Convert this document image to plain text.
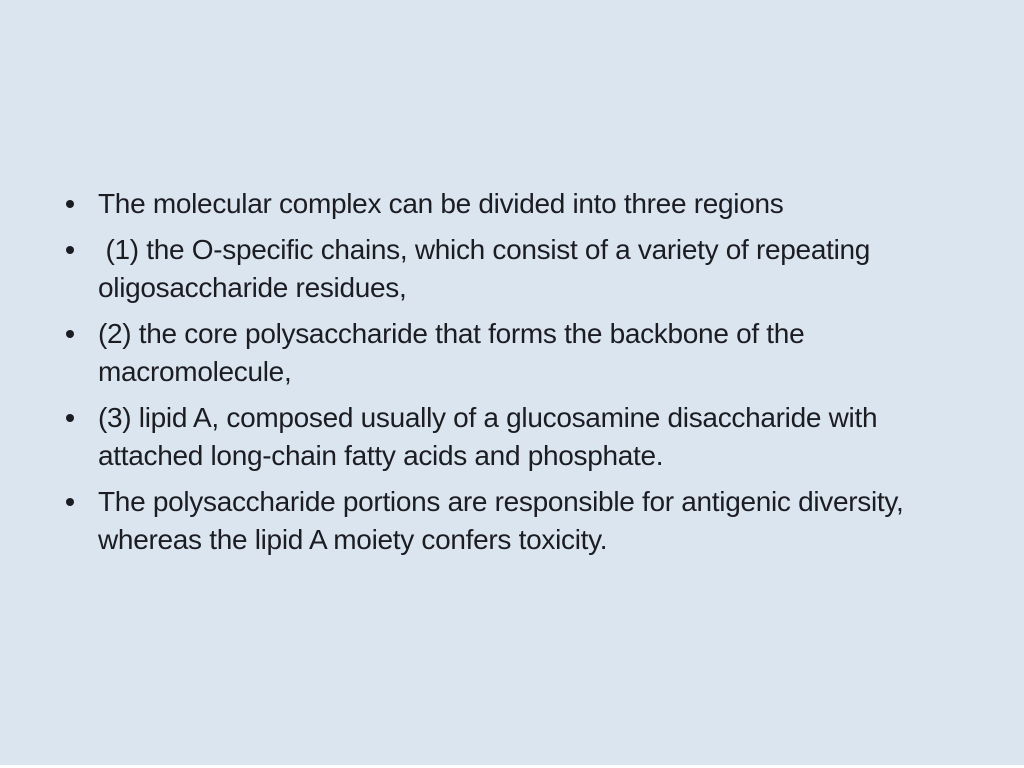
The molecular complex can be divided into three regions
(1) the O-specific chains, which consist of a variety of repeating
oligosaccharide residues,
(2) the core polysaccharide that forms the backbone of the
macromolecule,
(3) lipid A, composed usually of a glucosamine disaccharide with
attached long-chain fatty acids and phosphate.
The polysaccharide portions are responsible for antigenic diversity,
whereas the lipid A moiety confers toxicity.
